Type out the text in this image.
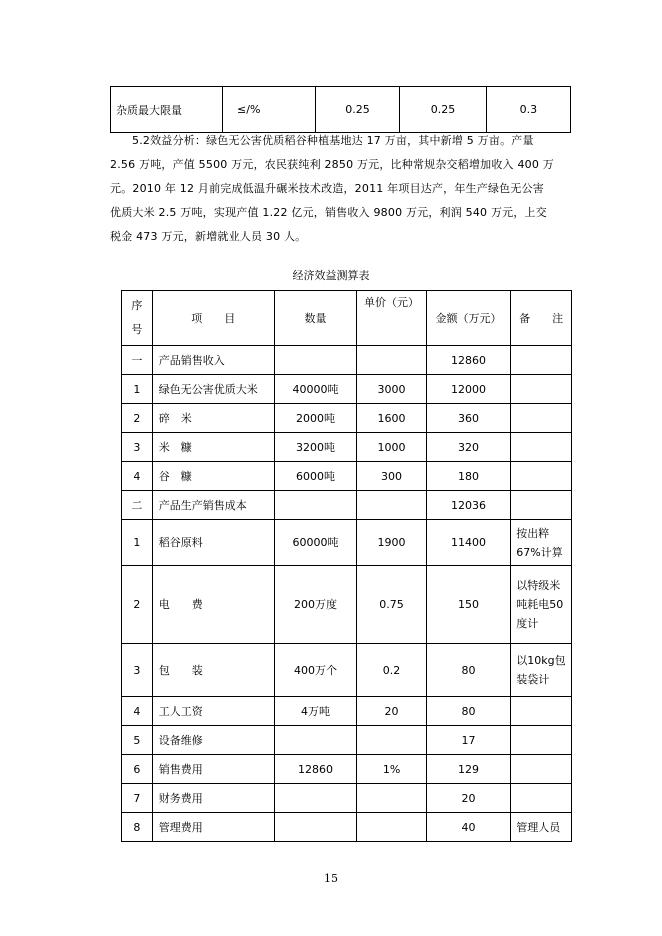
杂质最大限量	≤/%	0.25	0.25	0.3
5.2效益分析：绿色无公害优质稻谷种植基地达 17 万亩，其中新增 5 万亩。产量
2.56 万吨，产值 5500 万元，农民获纯利 2850 万元，比种常规杂交稻增加收入 400 万
元。2010 年 12 月前完成低温升碾米技术改造，2011 年项目达产，年生产绿色无公害
优质大米 2.5 万吨，实现产值 1.22 亿元，销售收入 9800 万元，利润 540 万元，上交
税金 473 万元，新增就业人员 30 人。
经济效益测算表
序
号	项　　目	数量	单价（元）	金额（万元）	备　　注
一	产品销售收入			12860	
1	绿色无公害优质大米	40000吨	3000	12000	
2	碎　米	2000吨	1600	360	
3	米　糠	3200吨	1000	320	
4	谷　糠	6000吨	300	180	
二	产品生产销售成本			12036	
1	稻谷原料	60000吨	1900	11400	按出粹67%计算
2	电　　费	200万度	0.75	150	以特级米吨耗电50度计
3	包　　装	400万个	0.2	80	以10kg包装袋计
4	工人工资	4万吨	20	80	
5	设备维修			17	
6	销售费用	12860	1%	129	
7	财务费用			20	
8	管理费用			40	管理人员
15
